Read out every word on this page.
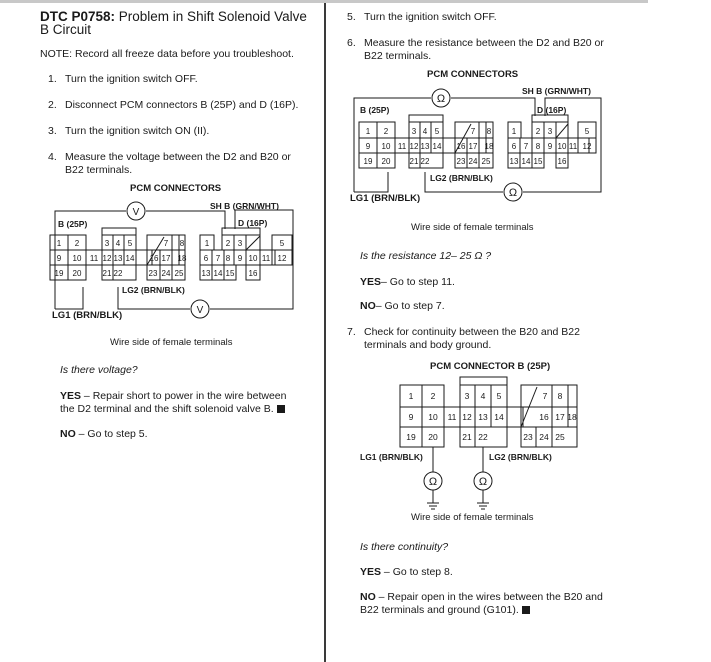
DTC P0758: Problem in Shift Solenoid Valve
B Circuit
NOTE: Record all freeze data before you troubleshoot.
1. Turn the ignition switch OFF.
2. Disconnect PCM connectors B (25P) and D (16P).
3. Turn the ignition switch ON (II).
4. Measure the voltage between the D2 and B20 or
B22 terminals.
PCM CONNECTORS
V
V
1 2	3 4 5	7 8
9 10 11 12 13 14 16 17 18
19 20	21 22	23 24 25
1 2 3	5
6 7 8 9 10 11 12
13 14 15 16
B (25P)	D (16P)
SH B (GRN/WHT)
LG2 (BRN/BLK)
LG1 (BRN/BLK)
Wire side of female terminals
Is there voltage?
YES – Repair short to power in the wire between
the D2 terminal and the shift solenoid valve B.
NO – Go to step 5.
5. Turn the ignition switch OFF.
6. Measure the resistance between the D2 and B20 or
B22 terminals.
PCM CONNECTORS
Ω
Ω
1 2	3 4 5	7 8
9 10 11 12 13 14 16 17 18
19 20 21 22	23 24 25
1 2 3	5
6 7 8 9 10 11 12
13 14 15 16
B (25P)	D (16P)
SH B (GRN/WHT)
LG2 (BRN/BLK)
LG1 (BRN/BLK)
Wire side of female terminals
Is the resistance 12– 25 Ω ?
YES– Go to step 11.
NO– Go to step 7.
7. Check for continuity between the B20 and B22
terminals and body ground.
PCM CONNECTOR B (25P)
Ω	Ω
1 2	3 4 5	7 8
9 10 11 12 13 14	16 17 18
19 20	21 22	23 24 25
LG1 (BRN/BLK)	LG2 (BRN/BLK)
Wire side of female terminals
Is there continuity?
YES – Go to step 8.
NO – Repair open in the wires between the B20 and
B22 terminals and ground (G101).
